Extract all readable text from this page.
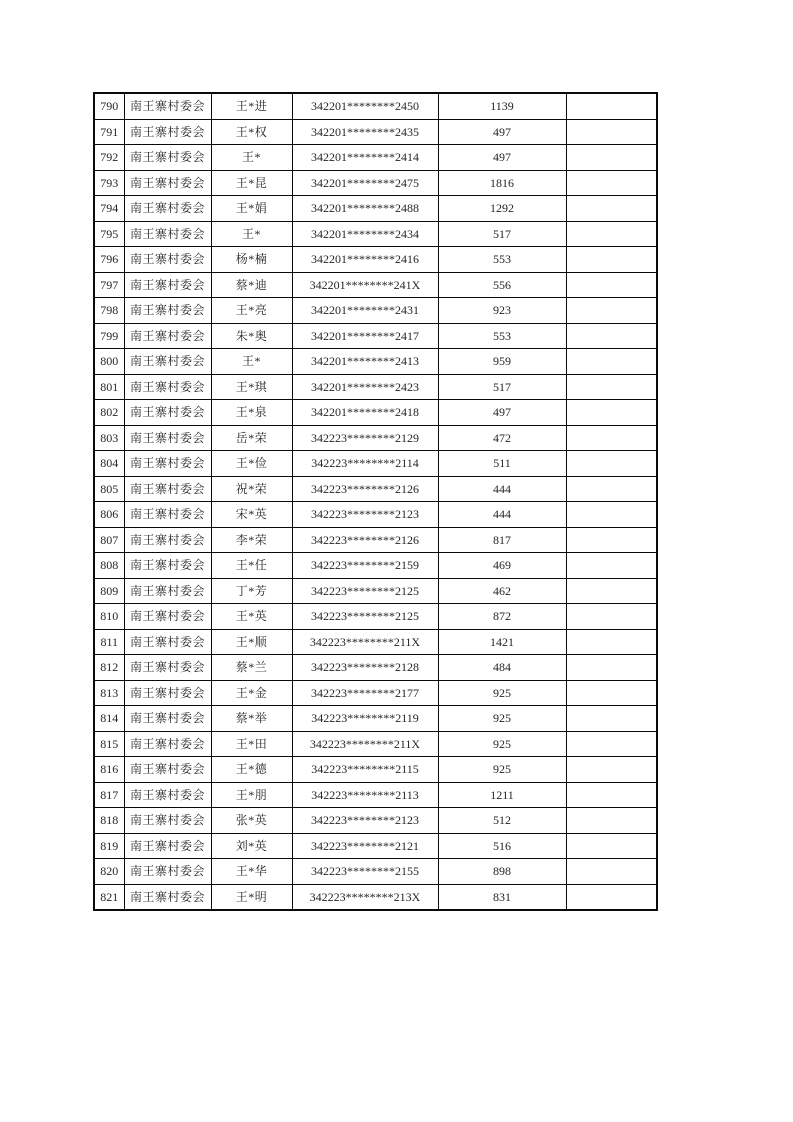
790	南王寨村委会	王*进	342201********2450	1139	
791	南王寨村委会	王*权	342201********2435	497	
792	南王寨村委会	王*	342201********2414	497	
793	南王寨村委会	王*昆	342201********2475	1816	
794	南王寨村委会	王*娟	342201********2488	1292	
795	南王寨村委会	王*	342201********2434	517	
796	南王寨村委会	杨*楠	342201********2416	553	
797	南王寨村委会	蔡*迪	342201********241X	556	
798	南王寨村委会	王*亮	342201********2431	923	
799	南王寨村委会	朱*奥	342201********2417	553	
800	南王寨村委会	王*	342201********2413	959	
801	南王寨村委会	王*琪	342201********2423	517	
802	南王寨村委会	王*泉	342201********2418	497	
803	南王寨村委会	岳*荣	342223********2129	472	
804	南王寨村委会	王*俭	342223********2114	511	
805	南王寨村委会	祝*荣	342223********2126	444	
806	南王寨村委会	宋*英	342223********2123	444	
807	南王寨村委会	李*荣	342223********2126	817	
808	南王寨村委会	王*任	342223********2159	469	
809	南王寨村委会	丁*芳	342223********2125	462	
810	南王寨村委会	王*英	342223********2125	872	
811	南王寨村委会	王*顺	342223********211X	1421	
812	南王寨村委会	蔡*兰	342223********2128	484	
813	南王寨村委会	王*金	342223********2177	925	
814	南王寨村委会	蔡*举	342223********2119	925	
815	南王寨村委会	王*田	342223********211X	925	
816	南王寨村委会	王*德	342223********2115	925	
817	南王寨村委会	王*朋	342223********2113	1211	
818	南王寨村委会	张*英	342223********2123	512	
819	南王寨村委会	刘*英	342223********2121	516	
820	南王寨村委会	王*华	342223********2155	898	
821	南王寨村委会	王*明	342223********213X	831	
